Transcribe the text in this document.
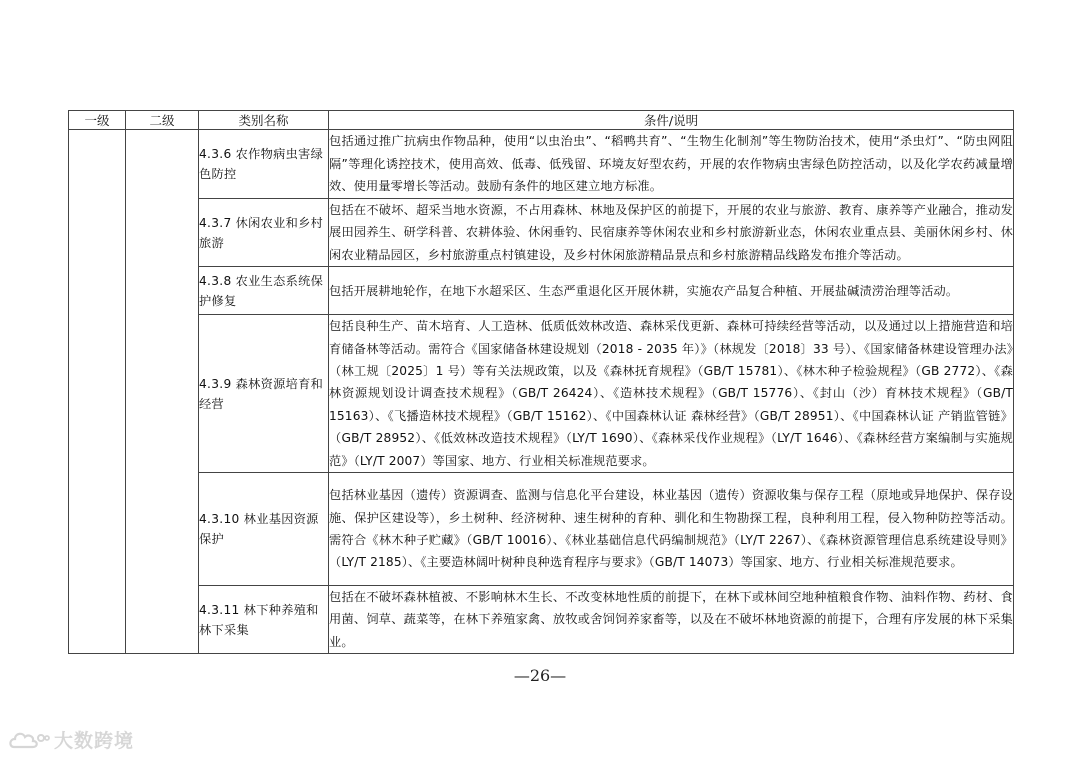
一级	二级	类别名称	条件/说明
		4.3.6 农作物病虫害绿色防控	包括通过推广抗病虫作物品种，使用“以虫治虫”、“稻鸭共育”、“生物生化制剂”等生物防治技术，使用“杀虫灯”、“防虫网阻隔”等理化诱控技术，使用高效、低毒、低残留、环境友好型农药，开展的农作物病虫害绿色防控活动，以及化学农药减量增效、使用量零增长等活动。鼓励有条件的地区建立地方标准。
		4.3.7 休闲农业和乡村旅游	包括在不破坏、超采当地水资源，不占用森林、林地及保护区的前提下，开展的农业与旅游、教育、康养等产业融合，推动发展田园养生、研学科普、农耕体验、休闲垂钓、民宿康养等休闲农业和乡村旅游新业态，休闲农业重点县、美丽休闲乡村、休闲农业精品园区，乡村旅游重点村镇建设，及乡村休闲旅游精品景点和乡村旅游精品线路发布推介等活动。
		4.3.8 农业生态系统保护修复	包括开展耕地轮作，在地下水超采区、生态严重退化区开展休耕，实施农产品复合种植、开展盐碱渍涝治理等活动。
		4.3.9 森林资源培育和经营	包括良种生产、苗木培育、人工造林、低质低效林改造、森林采伐更新、森林可持续经营等活动，以及通过以上措施营造和培育储备林等活动。需符合《国家储备林建设规划（2018 - 2035 年）》（林规发〔2018〕33 号）、《国家储备林建设管理办法》（林工规〔2025〕1 号）等有关法规政策，以及《森林抚育规程》（GB/T 15781）、《林木种子检验规程》（GB 2772）、《森林资源规划设计调查技术规程》（GB/T 26424）、《造林技术规程》（GB/T 15776）、《封山（沙）育林技术规程》（GB/T 15163）、《飞播造林技术规程》（GB/T 15162）、《中国森林认证 森林经营》（GB/T 28951）、《中国森林认证 产销监管链》（GB/T 28952）、《低效林改造技术规程》（LY/T 1690）、《森林采伐作业规程》（LY/T 1646）、《森林经营方案编制与实施规范》（LY/T 2007）等国家、地方、行业相关标准规范要求。
		4.3.10 林业基因资源保护	包括林业基因（遗传）资源调查、监测与信息化平台建设，林业基因（遗传）资源收集与保存工程（原地或异地保护、保存设施、保护区建设等），乡土树种、经济树种、速生树种的育种、驯化和生物勘探工程，良种利用工程，侵入物种防控等活动。需符合《林木种子贮藏》（GB/T 10016）、《林业基础信息代码编制规范》（LY/T 2267）、《森林资源管理信息系统建设导则》（LY/T 2185）、《主要造林阔叶树种良种选育程序与要求》（GB/T 14073）等国家、地方、行业相关标准规范要求。
		4.3.11 林下种养殖和林下采集	包括在不破坏森林植被、不影响林木生长、不改变林地性质的前提下，在林下或林间空地种植粮食作物、油料作物、药材、食用菌、饲草、蔬菜等，在林下养殖家禽、放牧或舍饲饲养家畜等，以及在不破坏林地资源的前提下，合理有序发展的林下采集业。
—26—
大数跨境
